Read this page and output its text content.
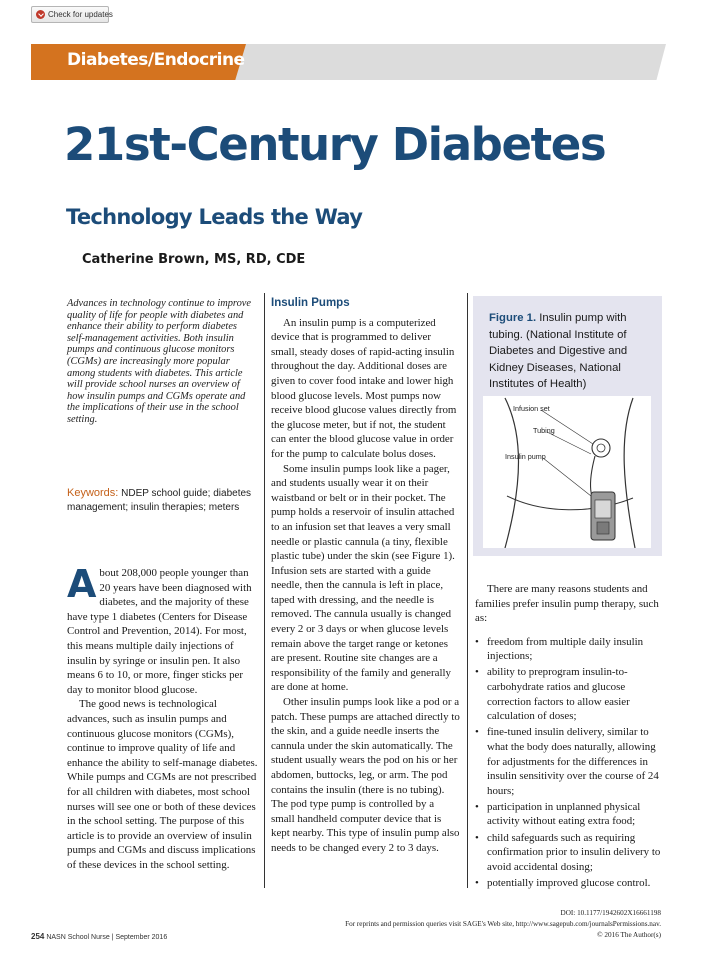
Check for updates
Diabetes/Endocrine
21st-Century Diabetes
Technology Leads the Way
Catherine Brown, MS, RD, CDE

Advances in technology continue to improve quality of life for people with diabetes and enhance their ability to perform diabetes self-management activities. Both insulin pumps and continuous glucose monitors (CGMs) are increasingly more popular among students with diabetes. This article will provide school nurses an overview of how insulin pumps and CGMs operate and the implications of their use in the school setting.

Keywords: NDEP school guide; diabetes management; insulin therapies; meters

About 208,000 people younger than 20 years have been diagnosed with diabetes, and the majority of these have type 1 diabetes (Centers for Disease Control and Prevention, 2014). For most, this means multiple daily injections of insulin by syringe or insulin pen. It also means 6 to 10, or more, finger sticks per day to monitor blood glucose.

The good news is technological advances, such as insulin pumps and continuous glucose monitors (CGMs), continue to improve quality of life and enhance the ability to self-manage diabetes. While pumps and CGMs are not prescribed for all children with diabetes, most school nurses will see one or both of these devices in the school setting. The purpose of this article is to provide an overview of insulin pumps and CGMs and discuss implications of these devices in the school setting.

Insulin Pumps

An insulin pump is a computerized device that is programmed to deliver small, steady doses of rapid-acting insulin throughout the day. Additional doses are given to cover food intake and lower high blood glucose levels. Most pumps now receive blood glucose values directly from the glucose meter, but if not, the student can enter the blood glucose value in order for the pump to calculate bolus doses.

Some insulin pumps look like a pager, and students usually wear it on their waistband or belt or in their pocket. The pump holds a reservoir of insulin attached to an infusion set that leaves a very small needle or plastic cannula (a tiny, flexible plastic tube) under the skin (see Figure 1). Infusion sets are started with a guide needle, then the cannula is left in place, taped with dressing, and the needle is removed. The cannula usually is changed every 2 or 3 days or when glucose levels remain above the target range or ketones are present. Routine site changes are a responsibility of the family and generally are done at home.

Other insulin pumps look like a pod or a patch. These pumps are attached directly to the skin, and a guide needle inserts the cannula under the skin automatically. The student usually wears the pod on his or her abdomen, buttocks, leg, or arm. The pod contains the insulin (there is no tubing). The pod type pump is controlled by a small handheld computer device that is kept nearby. This type of insulin pump also needs to be changed every 2 to 3 days.

Figure 1. Insulin pump with tubing. (National Institute of Diabetes and Digestive and Kidney Diseases, National Institutes of Health)
Infusion set
Tubing
Insulin pump

There are many reasons students and families prefer insulin pump therapy, such as:

• freedom from multiple daily insulin injections;
• ability to preprogram insulin-to-carbohydrate ratios and glucose correction factors to allow easier calculation of doses;
• fine-tuned insulin delivery, similar to what the body does naturally, allowing for adjustments for the differences in insulin sensitivity over the course of 24 hours;
• participation in unplanned physical activity without eating extra food;
• child safeguards such as requiring confirmation prior to insulin delivery to avoid accidental dosing;
• potentially improved glucose control.
DOI: 10.1177/1942602X16661198
For reprints and permission queries visit SAGE's Web site, http://www.sagepub.com/journalsPermissions.nav.
© 2016 The Author(s)
254 NASN School Nurse | September 2016
